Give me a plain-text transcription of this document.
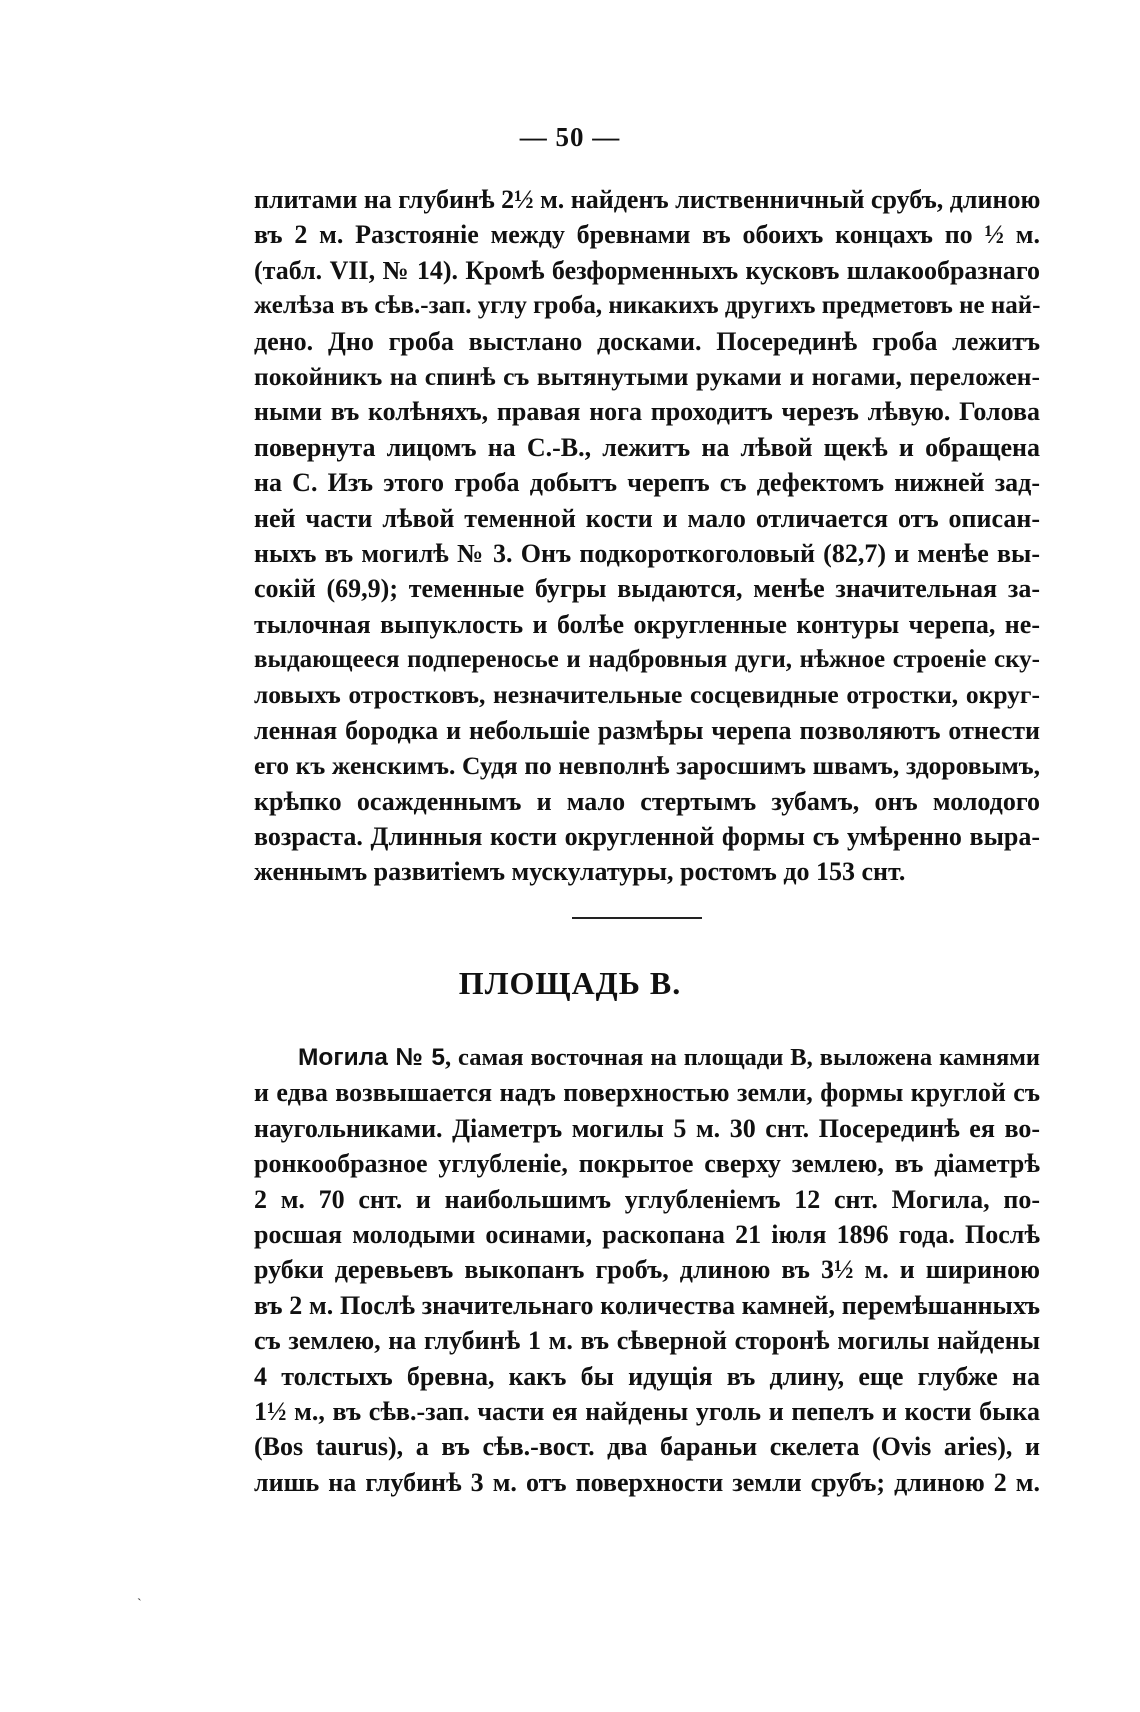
— 50 —
плитами на глубинѣ 2½ м. найденъ лиственничный срубъ, длиною
въ 2 м. Разстояніе между бревнами въ обоихъ концахъ по ½ м.
(табл. VII, № 14). Кромѣ безформенныхъ кусковъ шлакообразнаго
желѣза въ сѣв.-зап. углу гроба, никакихъ другихъ предметовъ не най-
дено. Дно гроба выстлано досками. Посерединѣ гроба лежитъ
покойникъ на спинѣ съ вытянутыми руками и ногами, переложен-
ными въ колѣняхъ, правая нога проходитъ черезъ лѣвую. Голова
повернута лицомъ на С.-В., лежитъ на лѣвой щекѣ и обращена
на С. Изъ этого гроба добытъ черепъ съ дефектомъ нижней зад-
ней части лѣвой теменной кости и мало отличается отъ описан-
ныхъ въ могилѣ № 3. Онъ подкороткоголовый (82,7) и менѣе вы-
сокій (69,9); теменные бугры выдаются, менѣе значительная за-
тылочная выпуклость и болѣе округленные контуры черепа, не-
выдающееся подпереносье и надбровныя дуги, нѣжное строеніе ску-
ловыхъ отростковъ, незначительные сосцевидные отростки, округ-
ленная бородка и небольшіе размѣры черепа позволяютъ отнести
его къ женскимъ. Судя по невполнѣ заросшимъ швамъ, здоровымъ,
крѣпко осажденнымъ и мало стертымъ зубамъ, онъ молодого
возраста. Длинныя кости округленной формы съ умѣренно выра-
женнымъ развитіемъ мускулатуры, ростомъ до 153 снт.
ПЛОЩАДЬ В.
Могила № 5, самая восточная на площади В, выложена камнями
и едва возвышается надъ поверхностью земли, формы круглой съ
наугольниками. Діаметръ могилы 5 м. 30 снт. Посерединѣ ея во-
ронкообразное углубленіе, покрытое сверху землею, въ діаметрѣ
2 м. 70 снт. и наибольшимъ углубленіемъ 12 снт. Могила, по-
росшая молодыми осинами, раскопана 21 іюля 1896 года. Послѣ
рубки деревьевъ выкопанъ гробъ, длиною въ 3½ м. и шириною
въ 2 м. Послѣ значительнаго количества камней, перемѣшанныхъ
съ землею, на глубинѣ 1 м. въ сѣверной сторонѣ могилы найдены
4 толстыхъ бревна, какъ бы идущія въ длину, еще глубже на
1½ м., въ сѣв.-зап. части ея найдены уголь и пепелъ и кости быка
(Bos taurus), а въ сѣв.-вост. два бараньи скелета (Ovis aries), и
лишь на глубинѣ 3 м. отъ поверхности земли срубъ; длиною 2 м.
ˋ
